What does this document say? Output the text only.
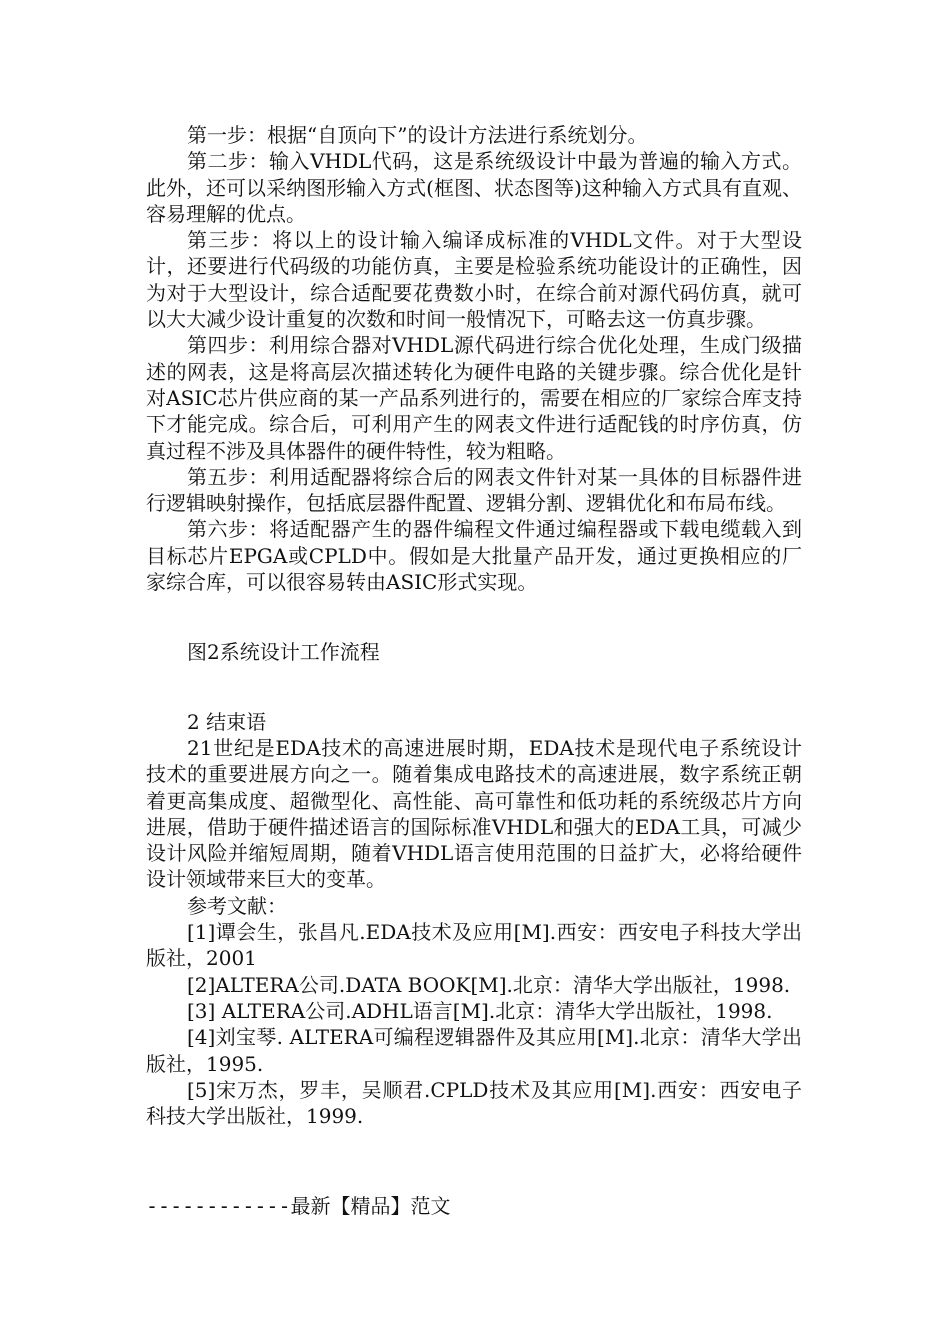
第一步：根据“自顶向下”的设计方法进行系统划分。

第二步：输入VHDL代码，这是系统级设计中最为普遍的输入方式。此外，还可以采纳图形输入方式(框图、状态图等)这种输入方式具有直观、容易理解的优点。

第三步：将以上的设计输入编译成标准的VHDL文件。对于大型设计，还要进行代码级的功能仿真，主要是检验系统功能设计的正确性，因为对于大型设计，综合适配要花费数小时，在综合前对源代码仿真，就可以大大减少设计重复的次数和时间一般情况下，可略去这一仿真步骤。

第四步：利用综合器对VHDL源代码进行综合优化处理，生成门级描述的网表，这是将高层次描述转化为硬件电路的关键步骤。综合优化是针对ASIC芯片供应商的某一产品系列进行的，需要在相应的厂家综合库支持下才能完成。综合后，可利用产生的网表文件进行适配钱的时序仿真，仿真过程不涉及具体器件的硬件特性，较为粗略。

第五步：利用适配器将综合后的网表文件针对某一具体的目标器件进行逻辑映射操作，包括底层器件配置、逻辑分割、逻辑优化和布局布线。

第六步：将适配器产生的器件编程文件通过编程器或下载电缆载入到目标芯片EPGA或CPLD中。假如是大批量产品开发，通过更换相应的厂家综合库，可以很容易转由ASIC形式实现。

图2系统设计工作流程

2 结束语

21世纪是EDA技术的高速进展时期，EDA技术是现代电子系统设计技术的重要进展方向之一。随着集成电路技术的高速进展，数字系统正朝着更高集成度、超微型化、高性能、高可靠性和低功耗的系统级芯片方向进展，借助于硬件描述语言的国际标准VHDL和强大的EDA工具，可减少设计风险并缩短周期，随着VHDL语言使用范围的日益扩大，必将给硬件设计领域带来巨大的变革。

参考文献：

[1]谭会生，张昌凡.EDA技术及应用[M].西安：西安电子科技大学出版社，2001

[2]ALTERA公司.DATA BOOK[M].北京：清华大学出版社，1998.

[3] ALTERA公司.ADHL语言[M].北京：清华大学出版社，1998.

[4]刘宝琴. ALTERA可编程逻辑器件及其应用[M].北京：清华大学出版社，1995.

[5]宋万杰，罗丰，吴顺君.CPLD技术及其应用[M].西安：西安电子科技大学出版社，1999.

------------最新【精品】范文
